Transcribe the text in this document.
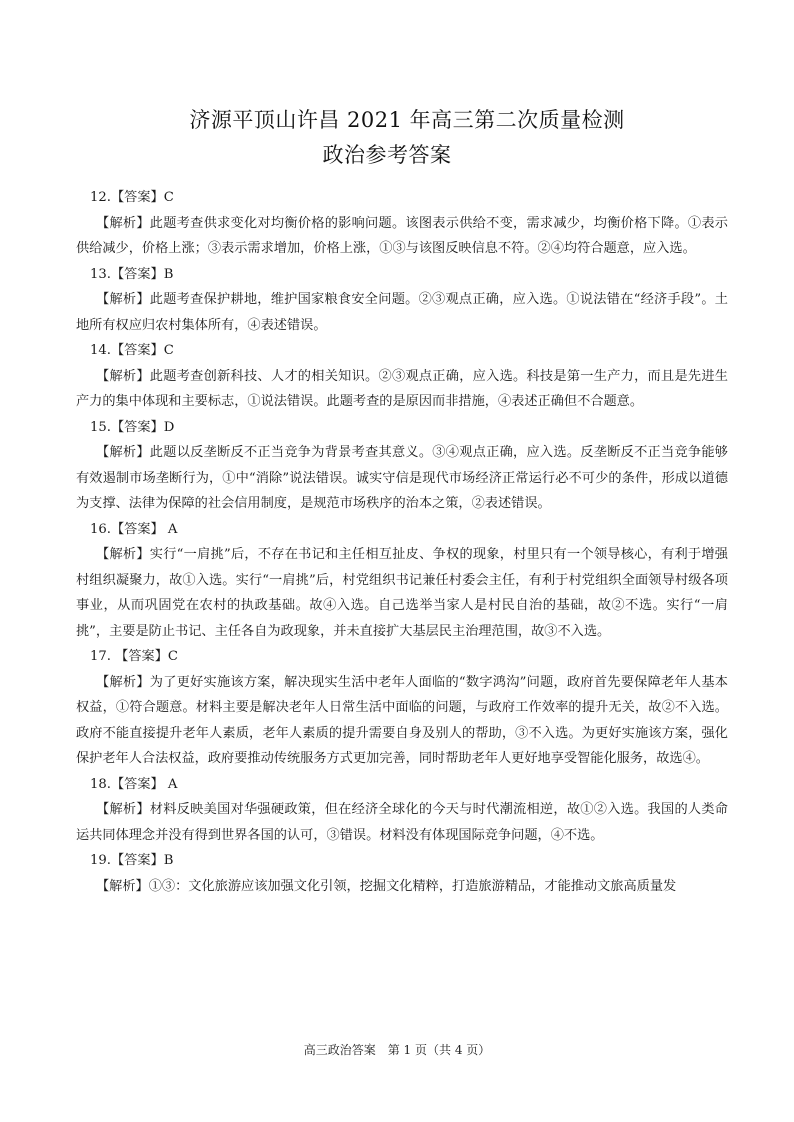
济源平顶山许昌 2021 年高三第二次质量检测
政治参考答案

12.【答案】C

【解析】此题考查供求变化对均衡价格的影响问题。该图表示供给不变，需求减少，均衡价格下降。①表示供给减少，价格上涨；③表示需求增加，价格上涨，①③与该图反映信息不符。②④均符合题意，应入选。

13.【答案】B

【解析】此题考查保护耕地，维护国家粮食安全问题。②③观点正确，应入选。①说法错在“经济手段”。土地所有权应归农村集体所有，④表述错误。

14.【答案】C

【解析】此题考查创新科技、人才的相关知识。②③观点正确，应入选。科技是第一生产力，而且是先进生产力的集中体现和主要标志，①说法错误。此题考查的是原因而非措施，④表述正确但不合题意。

15.【答案】D

【解析】此题以反垄断反不正当竞争为背景考查其意义。③④观点正确，应入选。反垄断反不正当竞争能够有效遏制市场垄断行为，①中“消除”说法错误。诚实守信是现代市场经济正常运行必不可少的条件，形成以道德为支撑、法律为保障的社会信用制度，是规范市场秩序的治本之策，②表述错误。

16.【答案】 A

【解析】实行“一肩挑”后，不存在书记和主任相互扯皮、争权的现象，村里只有一个领导核心，有利于增强村组织凝聚力，故①入选。实行“一肩挑”后，村党组织书记兼任村委会主任，有利于村党组织全面领导村级各项事业，从而巩固党在农村的执政基础。故④入选。自己选举当家人是村民自治的基础，故②不选。实行“一肩挑”，主要是防止书记、主任各自为政现象，并未直接扩大基层民主治理范围，故③不入选。

17. 【答案】C

【解析】为了更好实施该方案，解决现实生活中老年人面临的“数字鸿沟”问题，政府首先要保障老年人基本权益，①符合题意。材料主要是解决老年人日常生活中面临的问题，与政府工作效率的提升无关，故②不入选。政府不能直接提升老年人素质，老年人素质的提升需要自身及别人的帮助，③不入选。为更好实施该方案，强化保护老年人合法权益，政府要推动传统服务方式更加完善，同时帮助老年人更好地享受智能化服务，故选④。

18.【答案】 A

【解析】材料反映美国对华强硬政策，但在经济全球化的今天与时代潮流相逆，故①②入选。我国的人类命运共同体理念并没有得到世界各国的认可，③错误。材料没有体现国际竞争问题，④不选。

19.【答案】B

【解析】①③：文化旅游应该加强文化引领，挖掘文化精粹，打造旅游精品，才能推动文旅高质量发

高三政治答案　第 1 页（共 4 页）
